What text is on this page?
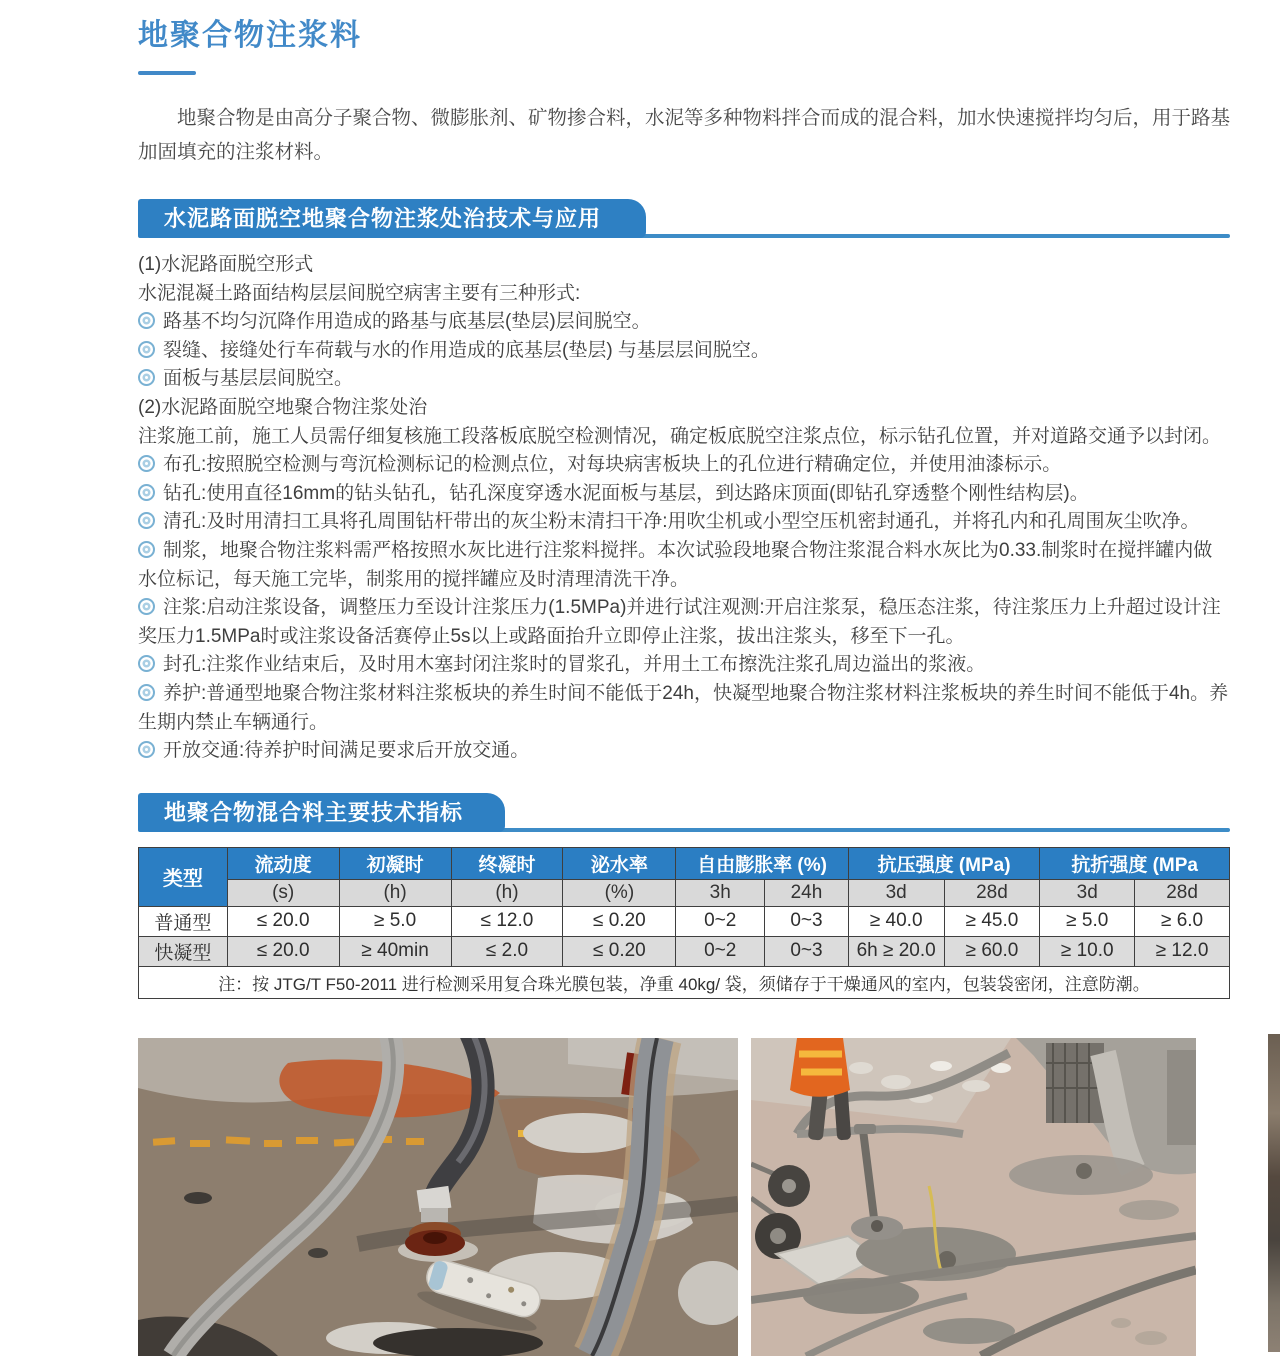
地聚合物注浆料
地聚合物是由高分子聚合物、微膨胀剂、矿物掺合料，水泥等多种物料拌合而成的混合料，加水快速搅拌均匀后，用于路基加固填充的注浆材料。
水泥路面脱空地聚合物注浆处治技术与应用
(1)水泥路面脱空形式
水泥混凝土路面结构层层间脱空病害主要有三种形式:
路基不均匀沉降作用造成的路基与底基层(垫层)层间脱空。
裂缝、接缝处行车荷载与水的作用造成的底基层(垫层) 与基层层间脱空。
面板与基层层间脱空。
(2)水泥路面脱空地聚合物注浆处治
注浆施工前，施工人员需仔细复核施工段落板底脱空检测情况，确定板底脱空注浆点位，标示钻孔位置，并对道路交通予以封闭。
布孔:按照脱空检测与弯沉检测标记的检测点位，对每块病害板块上的孔位进行精确定位，并使用油漆标示。
钻孔:使用直径16mm的钻头钻孔，钻孔深度穿透水泥面板与基层，到达路床顶面(即钻孔穿透整个刚性结构层)。
清孔:及时用清扫工具将孔周围钻杆带出的灰尘粉末清扫干净:用吹尘机或小型空压机密封通孔，并将孔内和孔周围灰尘吹净。
制浆，地聚合物注浆料需严格按照水灰比进行注浆料搅拌。本次试验段地聚合物注浆混合料水灰比为0.33.制浆时在搅拌罐内做水位标记，每天施工完毕，制浆用的搅拌罐应及时清理清洗干净。
注浆:启动注浆设备，调整压力至设计注浆压力(1.5MPa)并进行试注观测:开启注浆泵，稳压态注浆，待注浆压力上升超过设计注奖压力1.5MPa时或注浆设备活赛停止5s以上或路面抬升立即停止注浆，拔出注浆头，移至下一孔。
封孔:注浆作业结束后，及时用木塞封闭注浆时的冒浆孔，并用土工布擦洗注浆孔周边溢出的浆液。
养护:普通型地聚合物注浆材料注浆板块的养生时间不能低于24h，快凝型地聚合物注浆材料注浆板块的养生时间不能低于4h。养生期内禁止车辆通行。
开放交通:待养护时间满足要求后开放交通。
地聚合物混合料主要技术指标
类型	流动度	初凝时	终凝时	泌水率	自由膨胀率 (%)		抗压强度 (MPa)		抗折强度 (MPa	
	(s)	(h)	(h)	(%)	3h	24h	3d	28d	3d	28d
普通型	≤ 20.0	≥ 5.0	≤ 12.0	≤ 0.20	0~2	0~3	≥ 40.0	≥ 45.0	≥ 5.0	≥ 6.0
快凝型	≤ 20.0	≥ 40min	≤ 2.0	≤ 0.20	0~2	0~3	6h ≥ 20.0	≥ 60.0	≥ 10.0	≥ 12.0
注：按 JTG/T F50-2011 进行检测采用复合珠光膜包装，净重 40kg/ 袋，须储存于干燥通风的室内，包装袋密闭，注意防潮。										
